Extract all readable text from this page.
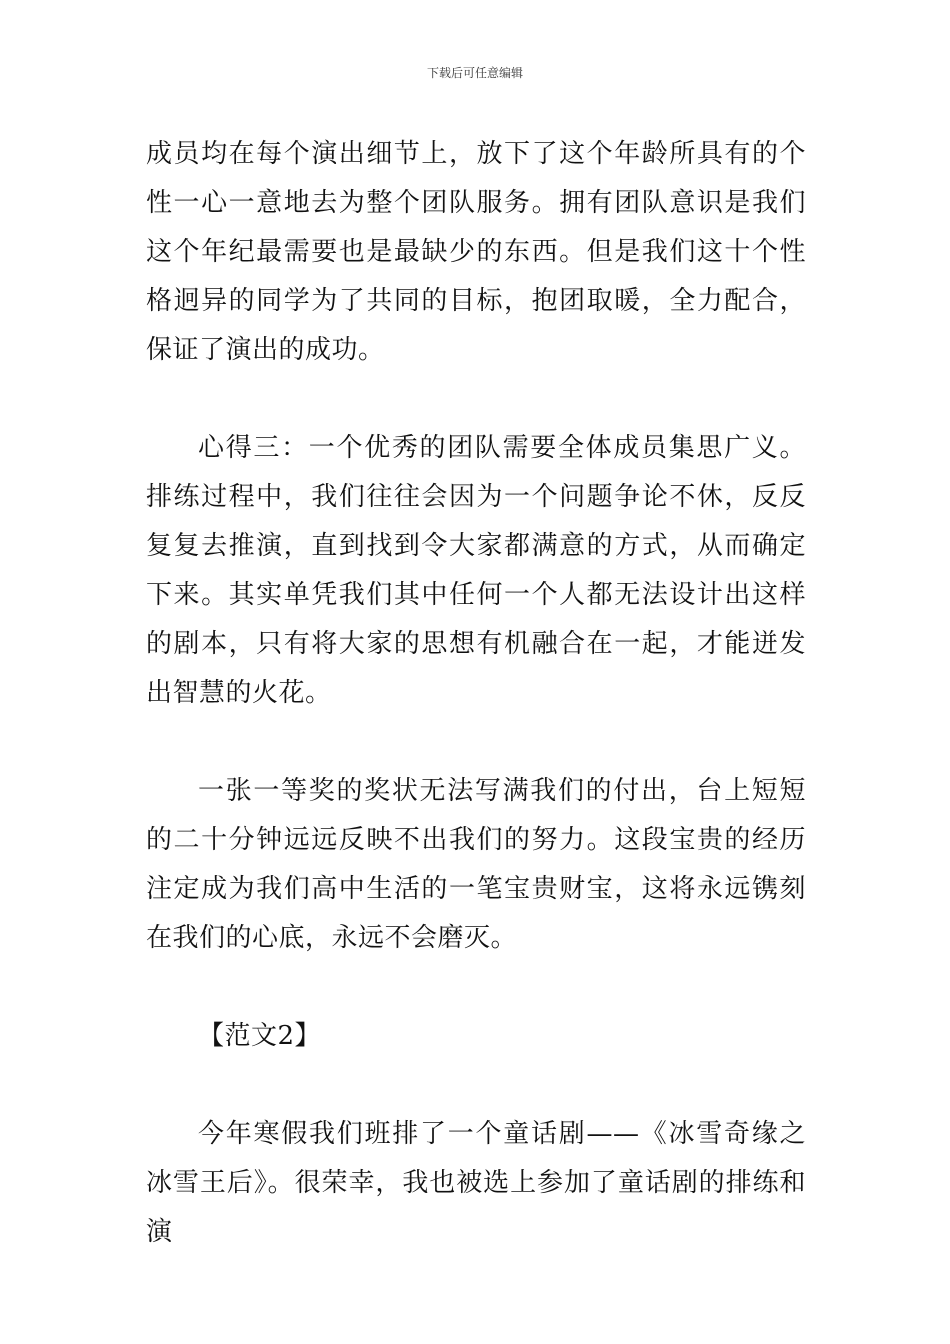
下载后可任意编辑

成员均在每个演出细节上，放下了这个年龄所具有的个性一心一意地去为整个团队服务。拥有团队意识是我们这个年纪最需要也是最缺少的东西。但是我们这十个性格迥异的同学为了共同的目标，抱团取暖，全力配合，保证了演出的成功。

心得三：一个优秀的团队需要全体成员集思广义。排练过程中，我们往往会因为一个问题争论不休，反反复复去推演，直到找到令大家都满意的方式，从而确定下来。其实单凭我们其中任何一个人都无法设计出这样的剧本，只有将大家的思想有机融合在一起，才能迸发出智慧的火花。

一张一等奖的奖状无法写满我们的付出，台上短短的二十分钟远远反映不出我们的努力。这段宝贵的经历注定成为我们高中生活的一笔宝贵财宝，这将永远镌刻在我们的心底，永远不会磨灭。

【范文2】

今年寒假我们班排了一个童话剧——《冰雪奇缘之冰雪王后》。很荣幸，我也被选上参加了童话剧的排练和演
